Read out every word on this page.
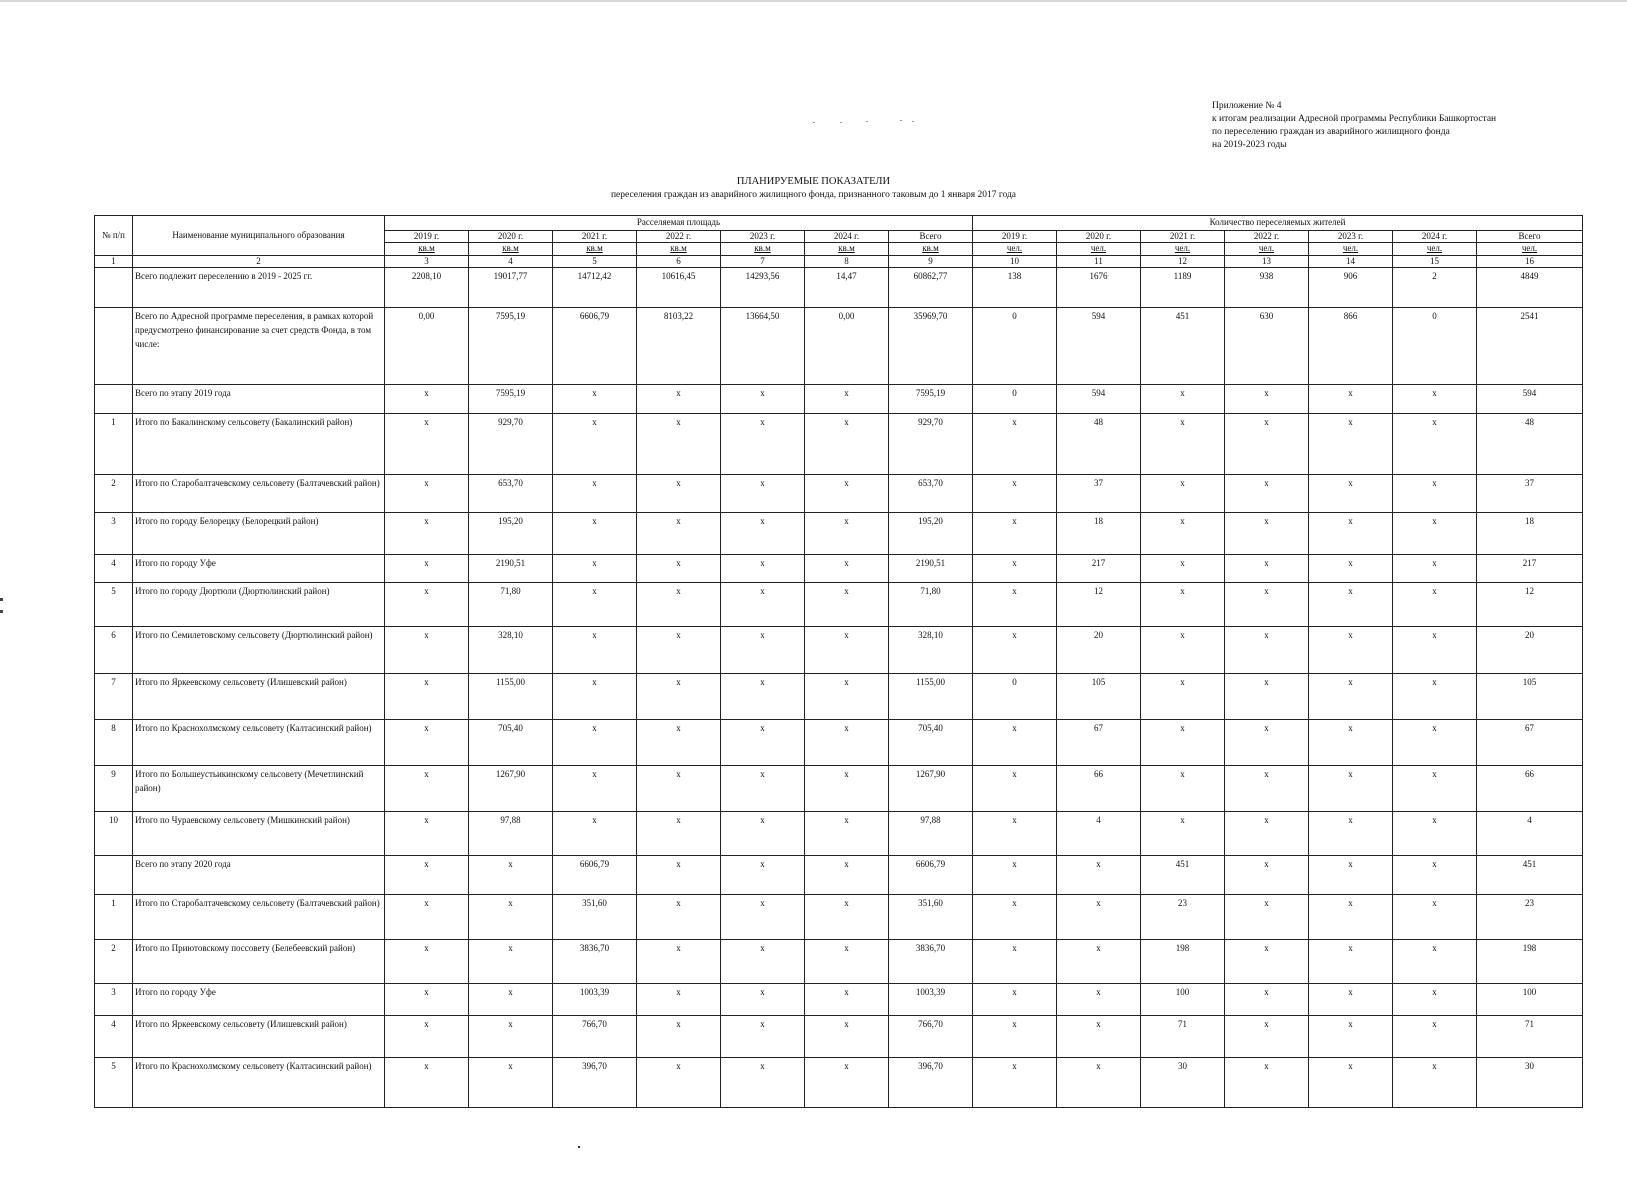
Приложение № 4
к итогам реализации Адресной программы Республики Башкортостан
по переселению граждан из аварийного жилищного фонда
на 2019-2023 годы
ПЛАНИРУЕМЫЕ ПОКАЗАТЕЛИ
переселения граждан из аварийного жилищного фонда, признанного таковым до 1 января 2017 года
№ п/п	Наименование муниципального образования	Расселяемая площадь							Количество переселяемых жителей						
		2019 г.	2020 г.	2021 г.	2022 г.	2023 г.	2024 г.	Всего	2019 г.	2020 г.	2021 г.	2022 г.	2023 г.	2024 г.	Всего
		кв.м	кв.м	кв.м	кв.м	кв.м	кв.м	кв.м	чел.	чел.	чел.	чел.	чел.	чел.	чел.
1	2	3	4	5	6	7	8	9	10	11	12	13	14	15	16
	Всего подлежит переселению в 2019 - 2025 гг.	2208,10	19017,77	14712,42	10616,45	14293,56	14,47	60862,77	138	1676	1189	938	906	2	4849
	Всего по Адресной программе переселения, в рамках которой предусмотрено финансирование за счет средств Фонда, в том числе:	0,00	7595,19	6606,79	8103,22	13664,50	0,00	35969,70	0	594	451	630	866	0	2541
	Всего по этапу 2019 года	х	7595,19	х	х	х	х	7595,19	0	594	х	х	х	х	594
1	Итого по Бакалинскому сельсовету (Бакалинский район)	х	929,70	х	х	х	х	929,70	х	48	х	х	х	х	48
2	Итого по Старобалтачевскому сельсовету (Балтачевский район)	х	653,70	х	х	х	х	653,70	х	37	х	х	х	х	37
3	Итого по городу Белорецку (Белорецкий район)	х	195,20	х	х	х	х	195,20	х	18	х	х	х	х	18
4	Итого по городу Уфе	х	2190,51	х	х	х	х	2190,51	х	217	х	х	х	х	217
5	Итого по городу Дюртюли (Дюртюлинский район)	х	71,80	х	х	х	х	71,80	х	12	х	х	х	х	12
6	Итого по Семилетовскому сельсовету (Дюртюлинский район)	х	328,10	х	х	х	х	328,10	х	20	х	х	х	х	20
7	Итого по Яркеевскому сельсовету (Илишевский район)	х	1155,00	х	х	х	х	1155,00	0	105	х	х	х	х	105
8	Итого по Краснохолмскому сельсовету (Калтасинский район)	х	705,40	х	х	х	х	705,40	х	67	х	х	х	х	67
9	Итого по Большеустьикинскому сельсовету (Мечетлинский район)	х	1267,90	х	х	х	х	1267,90	х	66	х	х	х	х	66
10	Итого по Чураевскому сельсовету (Мишкинский район)	х	97,88	х	х	х	х	97,88	х	4	х	х	х	х	4
	Всего по этапу 2020 года	х	х	6606,79	х	х	х	6606,79	х	х	451	х	х	х	451
1	Итого по Старобалтачевскому сельсовету (Балтачевский район)	х	х	351,60	х	х	х	351,60	х	х	23	х	х	х	23
2	Итого по Приютовскому поссовету (Белебеевский район)	х	х	3836,70	х	х	х	3836,70	х	х	198	х	х	х	198
3	Итого по городу Уфе	х	х	1003,39	х	х	х	1003,39	х	х	100	х	х	х	100
4	Итого по Яркеевскому сельсовету (Илишевский район)	х	х	766,70	х	х	х	766,70	х	х	71	х	х	х	71
5	Итого по Краснохолмскому сельсовету (Калтасинский район)	х	х	396,70	х	х	х	396,70	х	х	30	х	х	х	30
